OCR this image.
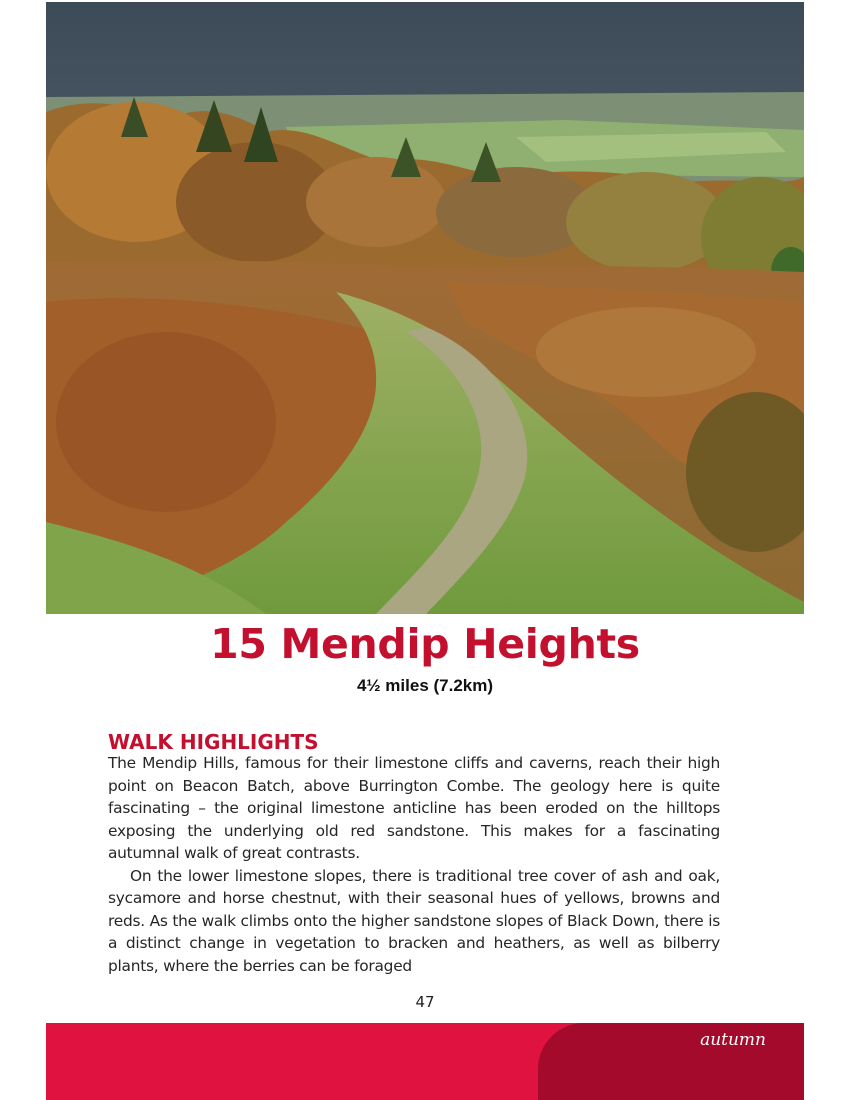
15 Mendip Heights
4½ miles (7.2km)
WALK HIGHLIGHTS

The Mendip Hills, famous for their limestone cliffs and caverns, reach their high point on Beacon Batch, above Burrington Combe. The geology here is quite fascinating – the original limestone anticline has been eroded on the hilltops exposing the underlying old red sandstone. This makes for a fascinating autumnal walk of great contrasts.

On the lower limestone slopes, there is traditional tree cover of ash and oak, sycamore and horse chestnut, with their seasonal hues of yellows, browns and reds. As the walk climbs onto the higher sandstone slopes of Black Down, there is a distinct change in vegetation to bracken and heathers, as well as bilberry plants, where the berries can be foraged

47
autumn
